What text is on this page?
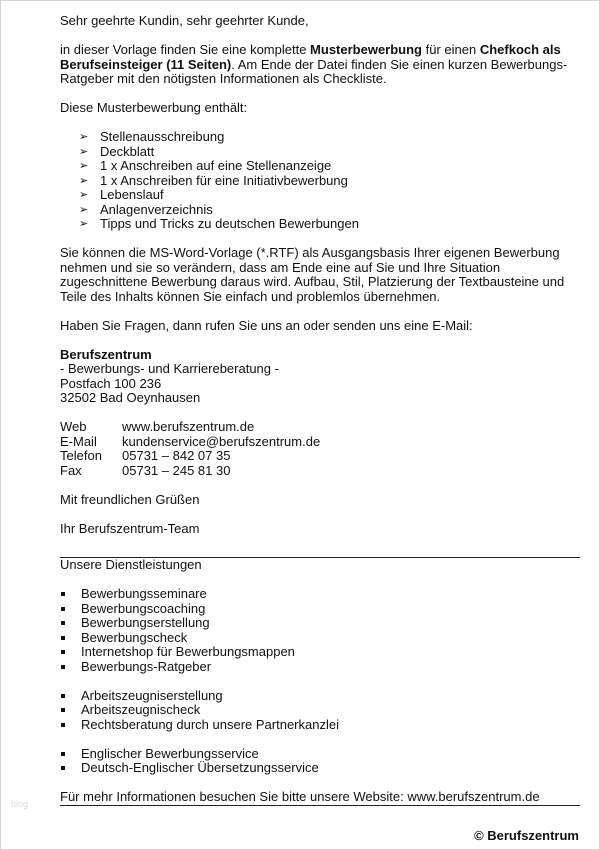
Sehr geehrte Kundin, sehr geehrter Kunde,

in dieser Vorlage finden Sie eine komplette Musterbewerbung für einen Chefkoch als Berufseinsteiger (11 Seiten). Am Ende der Datei finden Sie einen kurzen Bewerbungs-Ratgeber mit den nötigsten Informationen als Checkliste.

Diese Musterbewerbung enthält:

➢ Stellenausschreibung
➢ Deckblatt
➢ 1 x Anschreiben auf eine Stellenanzeige
➢ 1 x Anschreiben für eine Initiativbewerbung
➢ Lebenslauf
➢ Anlagenverzeichnis
➢ Tipps und Tricks zu deutschen Bewerbungen

Sie können die MS-Word-Vorlage (*.RTF) als Ausgangsbasis Ihrer eigenen Bewerbung nehmen und sie so verändern, dass am Ende eine auf Sie und Ihre Situation zugeschnittene Bewerbung daraus wird. Aufbau, Stil, Platzierung der Textbausteine und Teile des Inhalts können Sie einfach und problemlos übernehmen.

Haben Sie Fragen, dann rufen Sie uns an oder senden uns eine E-Mail:

Berufszentrum

- Bewerbungs- und Karriereberatung -

Postfach 100 236

32502 Bad Oeynhausen

Web	www.berufszentrum.de
E-Mail	kundenservice@berufszentrum.de
Telefon	05731 – 842 07 35
Fax	05731 – 245 81 30

Mit freundlichen Grüßen

Ihr Berufszentrum-Team

Unsere Dienstleistungen

Bewerbungsseminare
Bewerbungscoaching
Bewerbungserstellung
Bewerbungscheck
Internetshop für Bewerbungsmappen
Bewerbungs-Ratgeber
Arbeitszeugniserstellung
Arbeitszeugnischeck
Rechtsberatung durch unsere Partnerkanzlei
Englischer Bewerbungsservice
Deutsch-Englischer Übersetzungsservice

Für mehr Informationen besuchen Sie bitte unsere Website: www.berufszentrum.de

blog
© Berufszentrum
